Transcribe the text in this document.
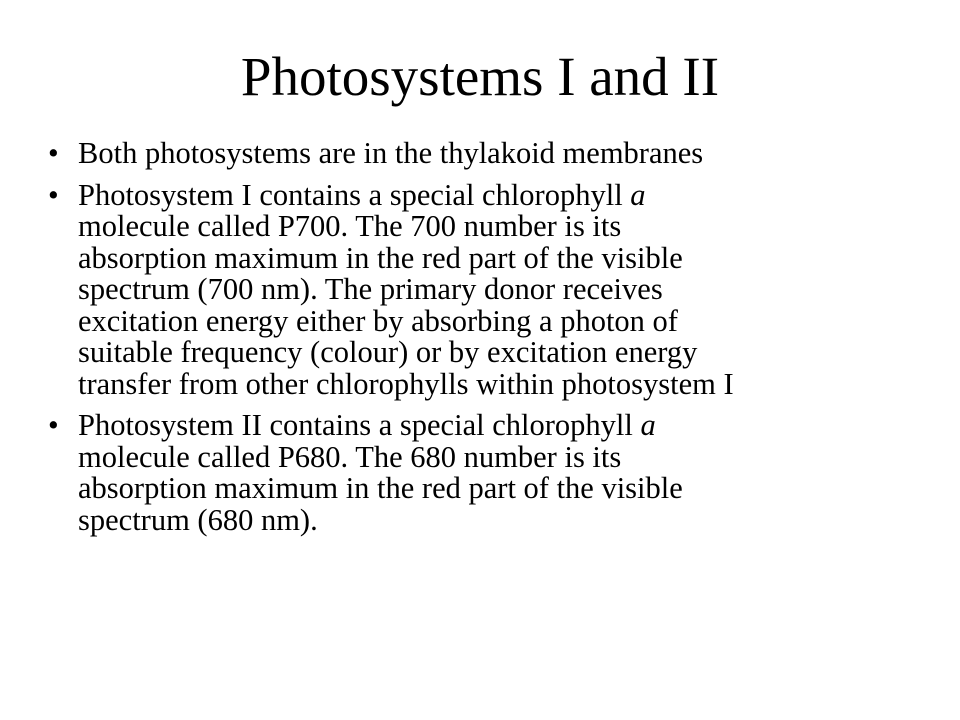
Photosystems I and II
• Both photosystems are in the thylakoid membranes
• Photosystem I contains a special chlorophyll a
molecule called P700. The 700 number is its
absorption maximum in the red part of the visible
spectrum (700 nm). The primary donor receives
excitation energy either by absorbing a photon of
suitable frequency (colour) or by excitation energy
transfer from other chlorophylls within photosystem I
• Photosystem II contains a special chlorophyll a
molecule called P680. The 680 number is its
absorption maximum in the red part of the visible
spectrum (680 nm).
